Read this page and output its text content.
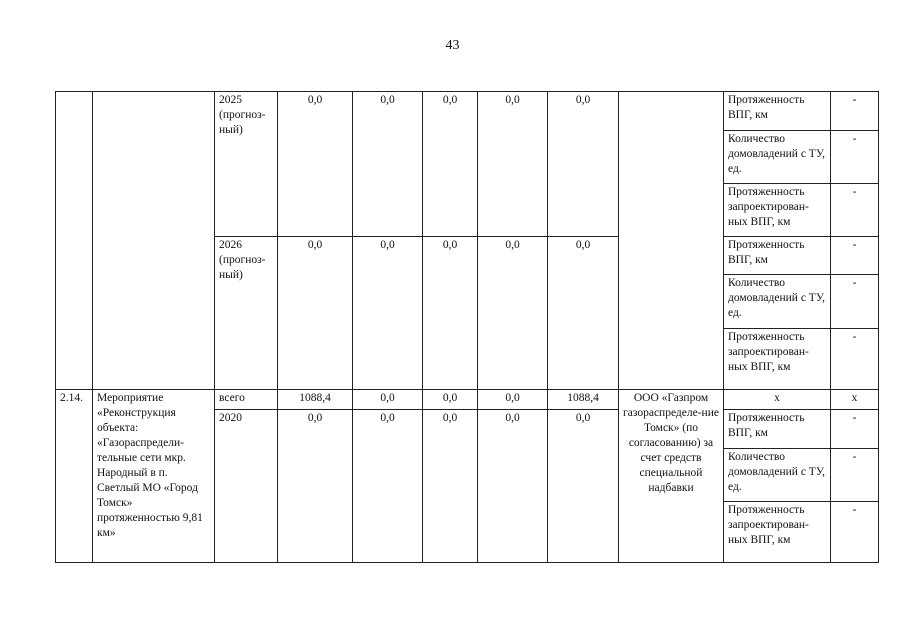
43
		2025 (прогноз-ный)	0,0	0,0	0,0	0,0	0,0		Протяженность ВПГ, км	-
									Количество домовладений с ТУ, ед.	-
									Протяженность запроектирован-ных ВПГ, км	-
		2026 (прогноз-ный)	0,0	0,0	0,0	0,0	0,0		Протяженность ВПГ, км	-
									Количество домовладений с ТУ, ед.	-
									Протяженность запроектирован-ных ВПГ, км	-
2.14.	Мероприятие «Реконструкция объекта: «Газораспредели-тельные сети мкр. Народный в п. Светлый МО «Город Томск» протяженностью 9,81 км»	всего	1088,4	0,0	0,0	0,0	1088,4	ООО «Газпром газораспределе-ние Томск» (по согласованию) за счет средств специальной надбавки	x	x
		2020	0,0	0,0	0,0	0,0	0,0		Протяженность ВПГ, км	-
									Количество домовладений с ТУ, ед.	-
									Протяженность запроектирован-ных ВПГ, км	-
